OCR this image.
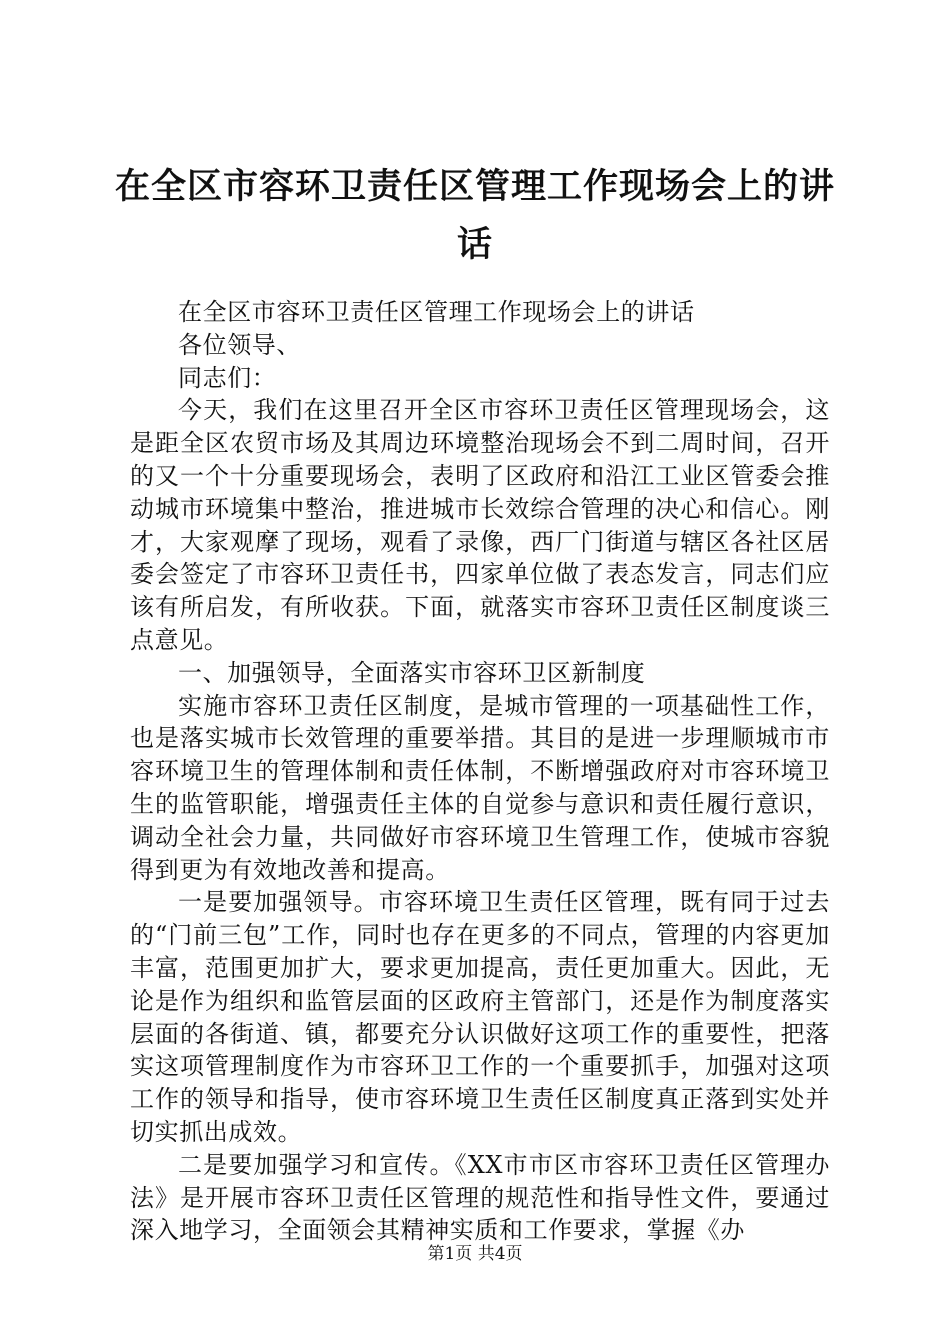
在全区市容环卫责任区管理工作现场会上的讲话

在全区市容环卫责任区管理工作现场会上的讲话

各位领导、

同志们：

今天，我们在这里召开全区市容环卫责任区管理现场会，这是距全区农贸市场及其周边环境整治现场会不到二周时间，召开的又一个十分重要现场会，表明了区政府和沿江工业区管委会推动城市环境集中整治，推进城市长效综合管理的决心和信心。刚才，大家观摩了现场，观看了录像，西厂门街道与辖区各社区居委会签定了市容环卫责任书，四家单位做了表态发言，同志们应该有所启发，有所收获。下面，就落实市容环卫责任区制度谈三点意见。

一、加强领导，全面落实市容环卫区新制度

实施市容环卫责任区制度，是城市管理的一项基础性工作，也是落实城市长效管理的重要举措。其目的是进一步理顺城市市容环境卫生的管理体制和责任体制，不断增强政府对市容环境卫生的监管职能，增强责任主体的自觉参与意识和责任履行意识，调动全社会力量，共同做好市容环境卫生管理工作，使城市容貌得到更为有效地改善和提高。

一是要加强领导。市容环境卫生责任区管理，既有同于过去的“门前三包”工作，同时也存在更多的不同点，管理的内容更加丰富，范围更加扩大，要求更加提高，责任更加重大。因此，无论是作为组织和监管层面的区政府主管部门，还是作为制度落实层面的各街道、镇，都要充分认识做好这项工作的重要性，把落实这项管理制度作为市容环卫工作的一个重要抓手，加强对这项工作的领导和指导，使市容环境卫生责任区制度真正落到实处并切实抓出成效。

二是要加强学习和宣传。《XX市市区市容环卫责任区管理办法》是开展市容环卫责任区管理的规范性和指导性文件，要通过深入地学习，全面领会其精神实质和工作要求，掌握《办

第1页 共4页
